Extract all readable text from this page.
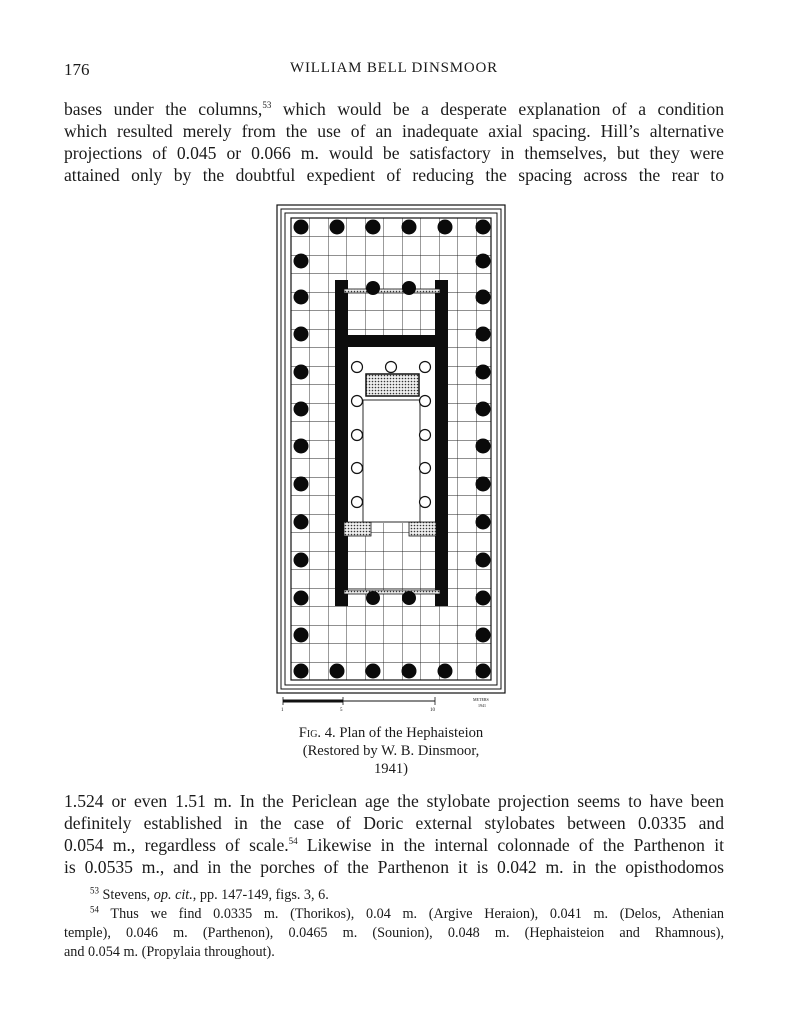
176	WILLIAM BELL DINSMOOR
bases under the columns,$^{53}$ which would be a desperate explanation of a condition
which resulted merely from the use of an inadequate axial spacing. Hill’s alternative
projections of 0.045 or 0.066 m. would be satisfactory in themselves, but they were
attained only by the doubtful expedient of reducing the spacing across the rear to
1	5	10
METERS
1941
Fig. 4. Plan of the Hephaisteion
(Restored by W. B. Dinsmoor,
1941)
1.524 or even 1.51 m. In the Periclean age the stylobate projection seems to have been
definitely established in the case of Doric external stylobates between 0.0335 and
0.054 m., regardless of scale.$^{54}$ Likewise in the internal colonnade of the Parthenon it
is 0.0535 m., and in the porches of the Parthenon it is 0.042 m. in the opisthodomos
$^{53}$ Stevens, op. cit., pp. 147-149, figs. 3, 6.
$^{54}$ Thus we find 0.0335 m. (Thorikos), 0.04 m. (Argive Heraion), 0.041 m. (Delos, Athenian
temple), 0.046 m. (Parthenon), 0.0465 m. (Sounion), 0.048 m. (Hephaisteion and Rhamnous),
and 0.054 m. (Propylaia throughout).
